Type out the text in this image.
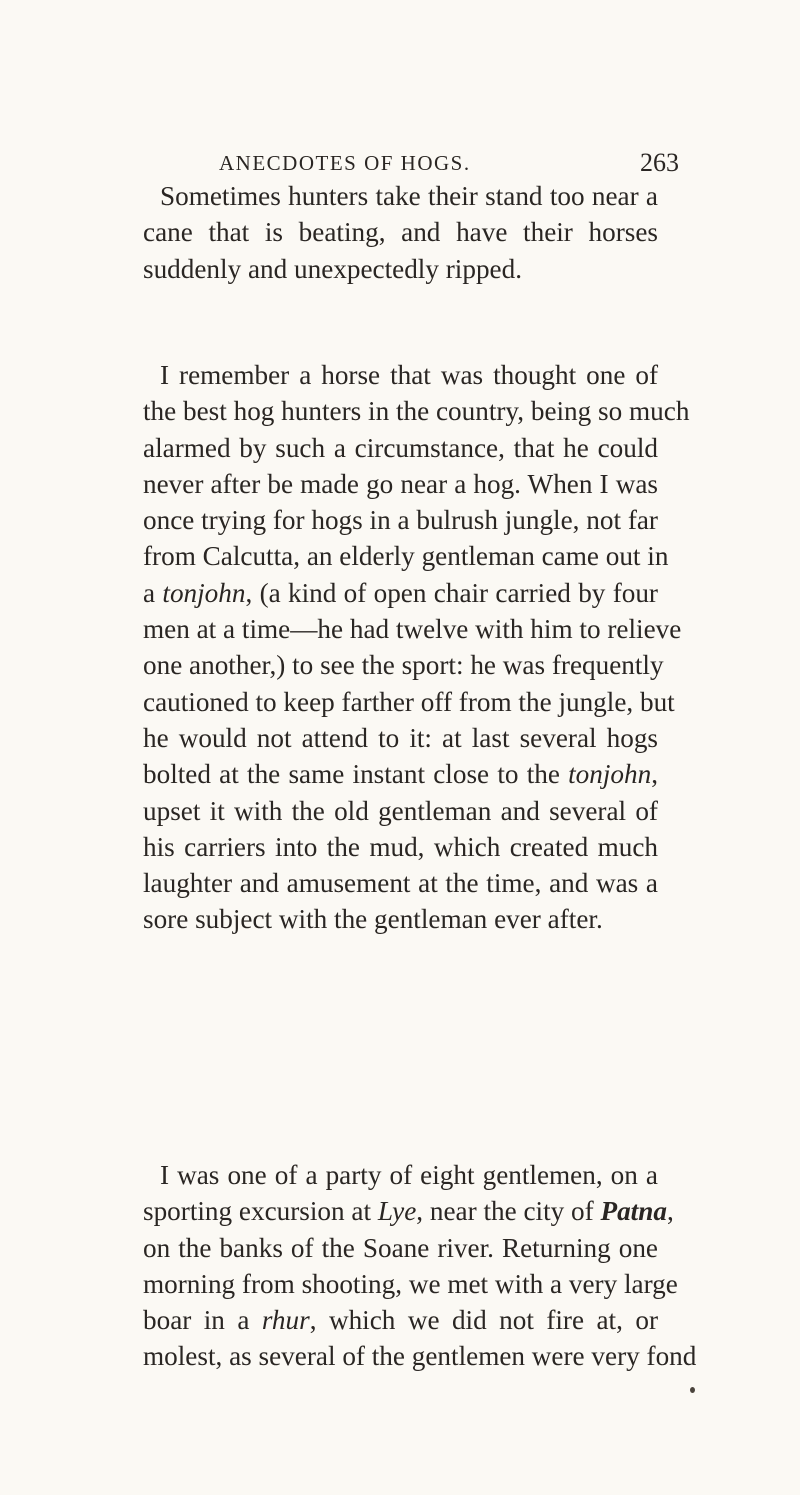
ANECDOTES OF HOGS.	263

Sometimes hunters take their stand too near a
cane that is beating, and have their horses
suddenly and unexpectedly ripped.

I remember a horse that was thought one of
the best hog hunters in the country, being so much
alarmed by such a circumstance, that he could
never after be made go near a hog. When I was
once trying for hogs in a bulrush jungle, not far
from Calcutta, an elderly gentleman came out in
a tonjohn, (a kind of open chair carried by four
men at a time—he had twelve with him to relieve
one another,) to see the sport: he was frequently
cautioned to keep farther off from the jungle, but
he would not attend to it: at last several hogs
bolted at the same instant close to the tonjohn,
upset it with the old gentleman and several of
his carriers into the mud, which created much
laughter and amusement at the time, and was a
sore subject with the gentleman ever after.

I was one of a party of eight gentlemen, on a
sporting excursion at Lye, near the city of Patna,
on the banks of the Soane river. Returning one
morning from shooting, we met with a very large
boar in a rhur, which we did not fire at, or
molest, as several of the gentlemen were very fond
